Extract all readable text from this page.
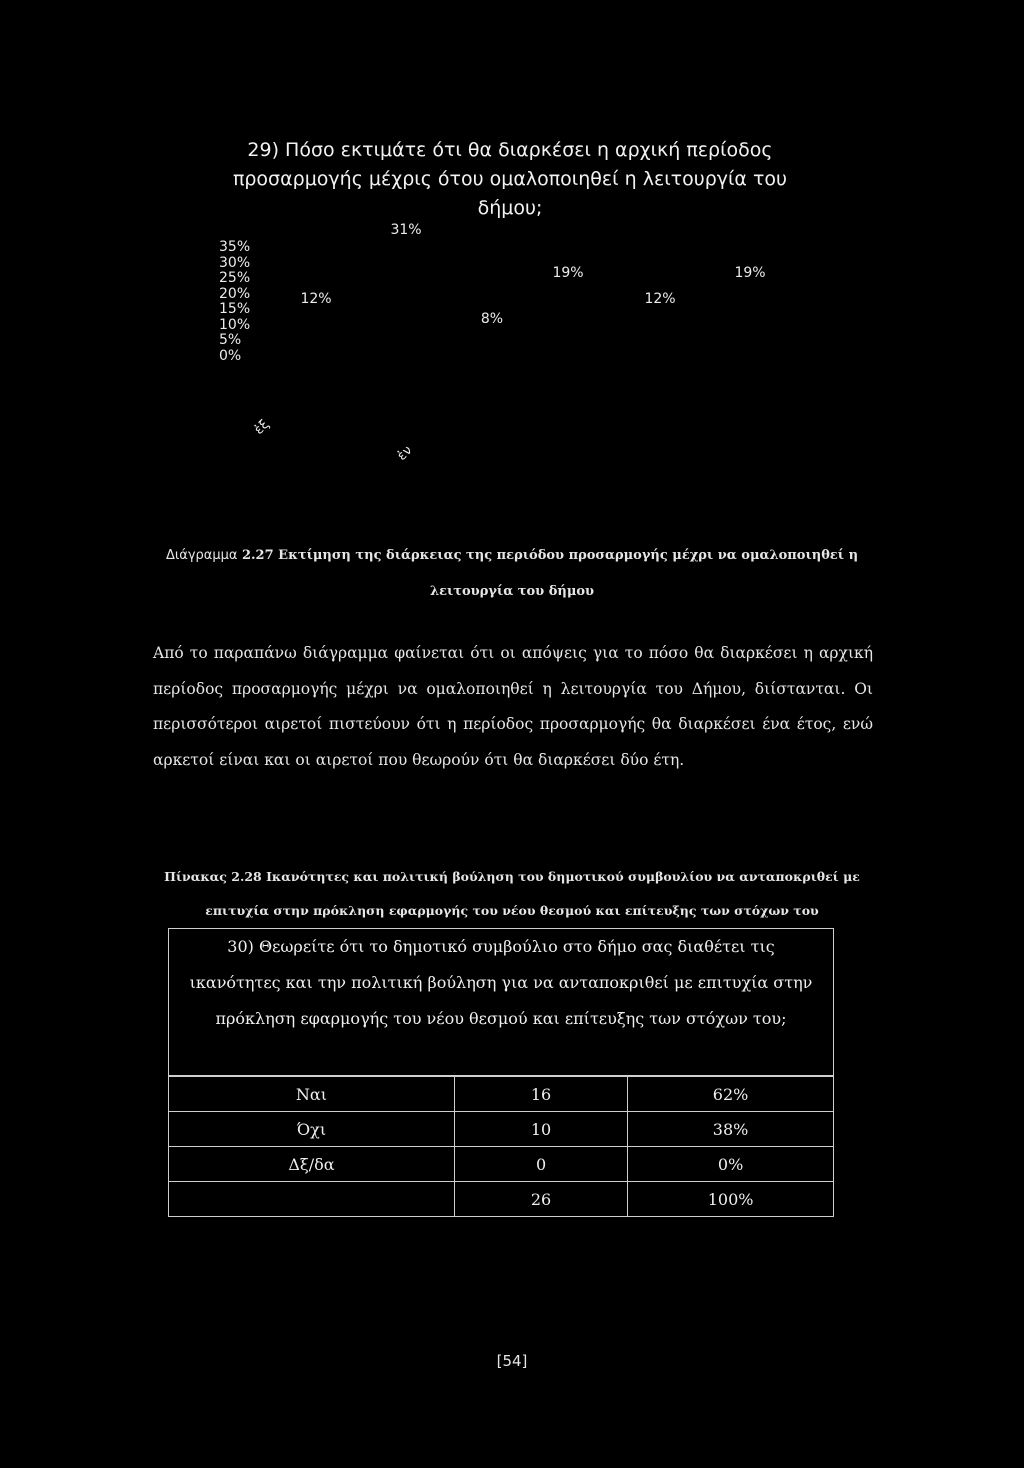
29) Πόσο εκτιμάτε ότι θα διαρκέσει η αρχική περίοδος
προσαρμογής μέχρις ότου ομαλοποιηθεί η λειτουργία του
δήμου;
35%
30%
25%
20%
15%
10%
5%
0%
12%
31%
8%
19%
12%
19%
ἐξ
ἐν
Διάγραμμα 2.27 Εκτίμηση της διάρκειας της περιόδου προσαρμογής μέχρι να ομαλοποιηθεί η λειτουργία του δήμου
Από το παραπάνω διάγραμμα φαίνεται ότι οι απόψεις για το πόσο θα διαρκέσει η αρχική περίοδος προσαρμογής μέχρι να ομαλοποιηθεί η λειτουργία του Δήμου, διίστανται. Οι περισσότεροι αιρετοί πιστεύουν ότι η περίοδος προσαρμογής θα διαρκέσει ένα έτος, ενώ αρκετοί είναι και οι αιρετοί που θεωρούν ότι θα διαρκέσει δύο έτη.
Πίνακας 2.28 Ικανότητες και πολιτική βούληση του δημοτικού συμβουλίου να ανταποκριθεί με επιτυχία στην πρόκληση εφαρμογής του νέου θεσμού και επίτευξης των στόχων του
30) Θεωρείτε ότι το δημοτικό συμβούλιο στο δήμο σας διαθέτει τις ικανότητες και την πολιτική βούληση για να ανταποκριθεί με επιτυχία στην πρόκληση εφαρμογής του νέου θεσμού και επίτευξης των στόχων του;
Ναι	16	62%
Όχι	10	38%
Δξ/δα	0	0%
	26	100%
[54]
